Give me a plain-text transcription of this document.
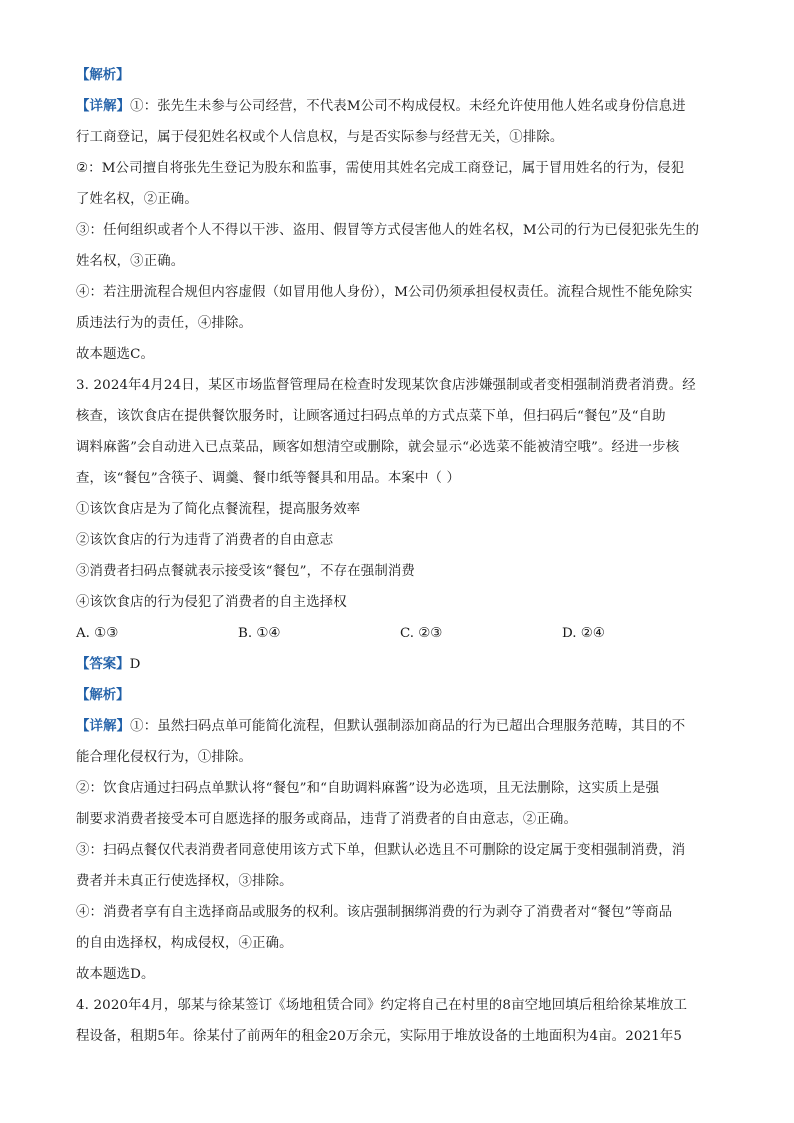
【解析】
【详解】①：张先生未参与公司经营，不代表M公司不构成侵权。未经允许使用他人姓名或身份信息进
行工商登记，属于侵犯姓名权或个人信息权，与是否实际参与经营无关，①排除。
②：M公司擅自将张先生登记为股东和监事，需使用其姓名完成工商登记，属于冒用姓名的行为，侵犯
了姓名权，②正确。
③：任何组织或者个人不得以干涉、盗用、假冒等方式侵害他人的姓名权，M公司的行为已侵犯张先生的
姓名权，③正确。
④：若注册流程合规但内容虚假（如冒用他人身份），M公司仍须承担侵权责任。流程合规性不能免除实
质违法行为的责任，④排除。
故本题选C。
3. 2024年4月24日，某区市场监督管理局在检查时发现某饮食店涉嫌强制或者变相强制消费者消费。经
核查，该饮食店在提供餐饮服务时，让顾客通过扫码点单的方式点菜下单，但扫码后“餐包”及“自助
调料麻酱”会自动进入已点菜品，顾客如想清空或删除，就会显示“必选菜不能被清空哦”。经进一步核
查，该“餐包”含筷子、调羹、餐巾纸等餐具和用品。本案中（ ）
①该饮食店是为了简化点餐流程，提高服务效率
②该饮食店的行为违背了消费者的自由意志
③消费者扫码点餐就表示接受该“餐包”，不存在强制消费
④该饮食店的行为侵犯了消费者的自主选择权
A. ①③	B. ①④	C. ②③	D. ②④
【答案】D
【解析】
【详解】①：虽然扫码点单可能简化流程，但默认强制添加商品的行为已超出合理服务范畴，其目的不
能合理化侵权行为，①排除。
②：饮食店通过扫码点单默认将“餐包”和“自助调料麻酱”设为必选项，且无法删除，这实质上是强
制要求消费者接受本可自愿选择的服务或商品，违背了消费者的自由意志，②正确。
③：扫码点餐仅代表消费者同意使用该方式下单，但默认必选且不可删除的设定属于变相强制消费，消
费者并未真正行使选择权，③排除。
④：消费者享有自主选择商品或服务的权利。该店强制捆绑消费的行为剥夺了消费者对“餐包”等商品
的自由选择权，构成侵权，④正确。
故本题选D。
4. 2020年4月，邬某与徐某签订《场地租赁合同》约定将自己在村里的8亩空地回填后租给徐某堆放工
程设备，租期5年。徐某付了前两年的租金20万余元，实际用于堆放设备的土地面积为4亩。2021年5
